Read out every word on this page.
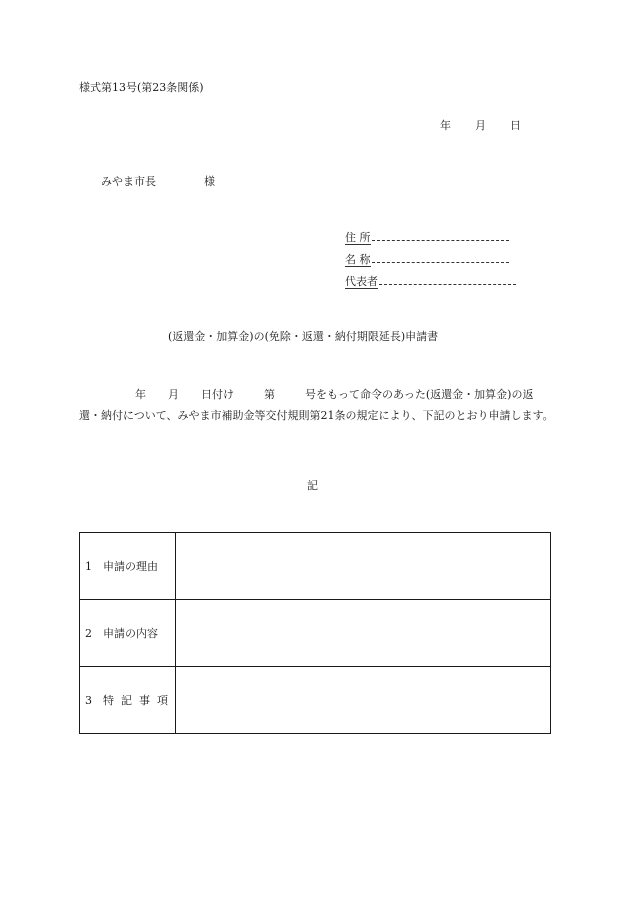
様式第13号(第23条関係)
年 月 日
みやま市長	様
住 所
名 称
代表者
(返還金・加算金)の(免除・返還・納付期限延長)申請書
年 月 日付け	第	号をもって命令のあった(返還金・加算金)の返還・納付について、みやま市補助金等交付規則第21条の規定により、下記のとおり申請します。
記
1 申請の理由	
2 申請の内容	
3 特記事項	
